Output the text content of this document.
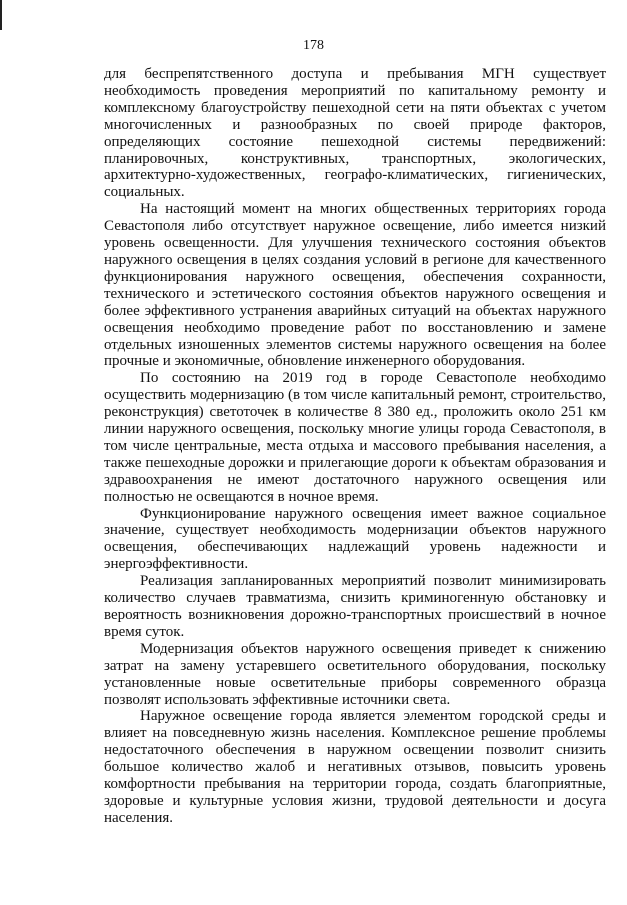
178

для беспрепятственного доступа и пребывания МГН существует необходимость проведения мероприятий по капитальному ремонту и комплексному благоустройству пешеходной сети на пяти объектах с учетом многочисленных и разнообразных по своей природе факторов, определяющих состояние пешеходной системы передвижений: планировочных, конструктивных, транспортных, экологических, архитектурно-художественных, географо-климатических, гигиенических, социальных.

На настоящий момент на многих общественных территориях города Севастополя либо отсутствует наружное освещение, либо имеется низкий уровень освещенности. Для улучшения технического состояния объектов наружного освещения в целях создания условий в регионе для качественного функционирования наружного освещения, обеспечения сохранности, технического и эстетического состояния объектов наружного освещения и более эффективного устранения аварийных ситуаций на объектах наружного освещения необходимо проведение работ по восстановлению и замене отдельных изношенных элементов системы наружного освещения на более прочные и экономичные, обновление инженерного оборудования.

По состоянию на 2019 год в городе Севастополе необходимо осуществить модернизацию (в том числе капитальный ремонт, строительство, реконструкция) светоточек в количестве 8 380 ед., проложить около 251 км линии наружного освещения, поскольку многие улицы города Севастополя, в том числе центральные, места отдыха и массового пребывания населения, а также пешеходные дорожки и прилегающие дороги к объектам образования и здравоохранения не имеют достаточного наружного освещения или полностью не освещаются в ночное время.

Функционирование наружного освещения имеет важное социальное значение, существует необходимость модернизации объектов наружного освещения, обеспечивающих надлежащий уровень надежности и энергоэффективности.

Реализация запланированных мероприятий позволит минимизировать количество случаев травматизма, снизить криминогенную обстановку и вероятность возникновения дорожно-транспортных происшествий в ночное время суток.

Модернизация объектов наружного освещения приведет к снижению затрат на замену устаревшего осветительного оборудования, поскольку установленные новые осветительные приборы современного образца позволят использовать эффективные источники света.

Наружное освещение города является элементом городской среды и влияет на повседневную жизнь населения. Комплексное решение проблемы недостаточного обеспечения в наружном освещении позволит снизить большое количество жалоб и негативных отзывов, повысить уровень комфортности пребывания на территории города, создать благоприятные, здоровые и культурные условия жизни, трудовой деятельности и досуга населения.
